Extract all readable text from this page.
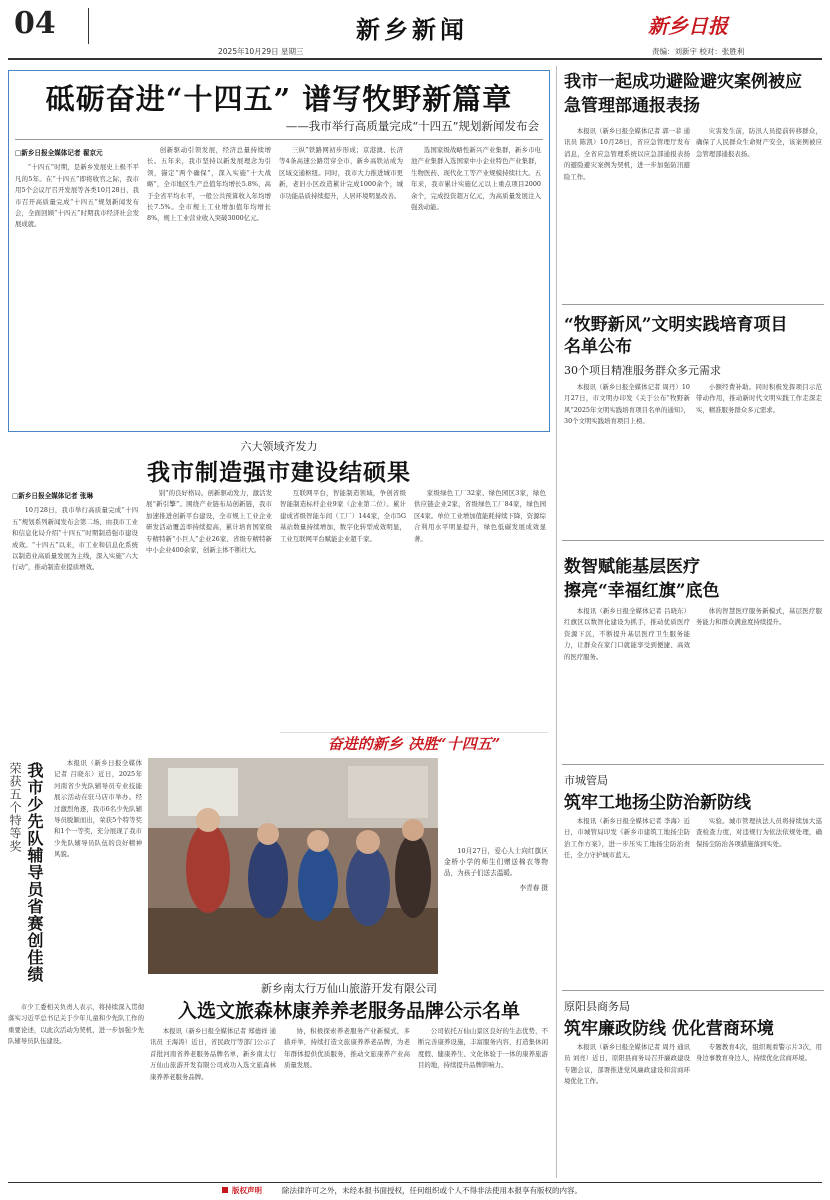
04	新乡新闻	新乡日报
2025年10月29日 星期三	责编：刘新宇 校对：张胜利
砥砺奋进“十四五” 谱写牧野新篇章
——我市举行高质量完成“十四五”规划新闻发布会
□新乡日报全媒体记者 翟京元

“十四五”时期，是新乡发展史上极不平凡的5年。在“十四五”即将收官之际，我市用5个会议厅召开发展等各类10月28日，我市召开高质量完成“十四五”规划新闻发布会，全面回顾“十四五”时期我市经济社会发展成就。

创新驱动引领发展，经济总量持续增长。五年来，我市坚持以新发展理念为引领，锚定“两个确保”，深入实施“十大战略”，全市地区生产总值年均增长5.8%，高于全省平均水平，一般公共预算收入年均增长7.5%。全市规上工业增加值年均增长8%，规上工业营业收入突破3000亿元。

三纵”铁路网初步形成；京港澳、长济等4条高速公路贯穿全市，新乡高铁站成为区域交通枢纽。同时，我市大力推进城市更新，老旧小区改造累计完成1000余个，城市功能品质持续提升，人居环境明显改善。

选国家级战略性新兴产业集群，新乡市电池产业集群入选国家中小企业特色产业集群，生物医药、现代化工等产业规模持续壮大。五年来，我市累计实施亿元以上重点项目2000余个，完成投资超万亿元，为高质量发展注入强劲动能。

六大领域齐发力
我市制造强市建设结硕果
□新乡日报全媒体记者 张琳

10月28日，我市举行高质量完成“十四五”规划系列新闻发布会第二场，由我市工业和信息化局介绍“十四五”时期制造强市建设成效。“十四五”以来，市工业和信息化系统以制造业高质量发展为主线，深入实施“六大行动”，推动制造业提质增效。

别”的良好格局。创新驱动发力，激活发展“新引擎”。围绕产业链布局创新链，我市加速推进创新平台建设，全市规上工业企业研发活动覆盖率持续提高，累计培育国家级专精特新“小巨人”企业26家、省级专精特新中小企业400余家，创新主体不断壮大。

互联网平台，智能制造领域，争创省级智能制造标杆企业9家（企业第二位）。累计建成省级智能车间（工厂）144家，全市5G基站数量持续增加，数字化转型成效明显，工业互联网平台赋能企业超千家。

家级绿色工厂32家、绿色园区3家，绿色供应链企业2家，省级绿色工厂84家，绿色园区4家。单位工业增加值能耗持续下降，资源综合利用水平明显提升，绿色低碳发展成效显著。

奋进的新乡 决胜“十四五”
荣获五个特等奖 我市少先队辅导员省赛创佳绩	本报讯（新乡日报全媒体记者 吕晓东）近日，2025年河南省少先队辅导员专业技能展示活动在驻马店市举办。经过激烈角逐，我市6名少先队辅导员脱颖而出，荣获5个特等奖和1个一等奖，充分展现了我市少先队辅导员队伍的良好精神风貌。	10月27日，爱心人士向红旗区金桥小学的师生们赠送棉衣等物品，为孩子们送去温暖。

李青春 摄
新乡南太行万仙山旅游开发有限公司
入选文旅森林康养养老服务品牌公示名单

本报讯（新乡日报全媒体记者 郑德祥 通讯员 王海涛）近日，省民政厅等部门公示了首批河南省养老服务品牌名单，新乡南太行万仙山旅游开发有限公司成功入选文旅森林康养养老服务品牌。

协，积极探索养老服务产业新模式，多措并举，持续打造文旅康养养老品牌，为老年群体提供优质服务，推动文旅康养产业高质量发展。

公司依托万仙山景区良好的生态优势，不断完善康养设施，丰富服务内容，打造集休闲度假、健康养生、文化体验于一体的康养旅游目的地，持续提升品牌影响力。

市少工委相关负责人表示，将持续深入贯彻落实习近平总书记关于少年儿童和少先队工作的重要论述，以此次活动为契机，进一步加强少先队辅导员队伍建设。

我市一起成功避险避灾案例被应急管理部通报表扬

本报讯（新乡日报全媒体记者 郭一菲 通讯员 陈凯）10月28日，省应急管理厅发布消息，全省应急管理系统以应急部通报表扬的避险避灾案例为契机，进一步加强防汛避险工作。

灾害发生前，防汛人员提前转移群众，确保了人民群众生命财产安全，该案例被应急管理部通报表扬。

“牧野新风”文明实践培育项目名单公布
30个项目精准服务群众多元需求

本报讯（新乡日报全媒体记者 周丹）10月27日，市文明办印发《关于公布“牧野新风”2025年文明实践培育项目名单的通知》，30个文明实践培育项目上榜。

小额经费补助。同时积极发挥项目示范带动作用，推动新时代文明实践工作走深走实，精准服务群众多元需求。

数智赋能基层医疗
擦亮“幸福红旗”底色

本报讯（新乡日报全媒体记者 吕晓东）红旗区以数智化建设为抓手，推动优质医疗资源下沉，不断提升基层医疗卫生服务能力，让群众在家门口就能享受到便捷、高效的医疗服务。

体的智慧医疗服务新模式，基层医疗服务能力和群众满意度持续提升。

市城管局
筑牢工地扬尘防治新防线

本报讯（新乡日报全媒体记者 李海）近日，市城管局印发《新乡市建筑工地扬尘防治工作方案》，进一步压实工地扬尘防治责任，全力守护城市蓝天。

实验。城市管理执法人员将持续加大巡查检查力度，对违规行为依法依规处理，确保扬尘防治各项措施落到实处。

原阳县商务局
筑牢廉政防线 优化营商环境

本报讯（新乡日报全媒体记者 周丹 通讯员 刘亮）近日，原阳县商务局召开廉政建设专题会议，部署推进党风廉政建设和营商环境优化工作。

专题教育4次，组织观看警示片3次，用身边事教育身边人，持续优化营商环境。

版权声明	除法律许可之外，未经本报书面授权，任何组织或个人不得非法使用本报享有版权的内容。
